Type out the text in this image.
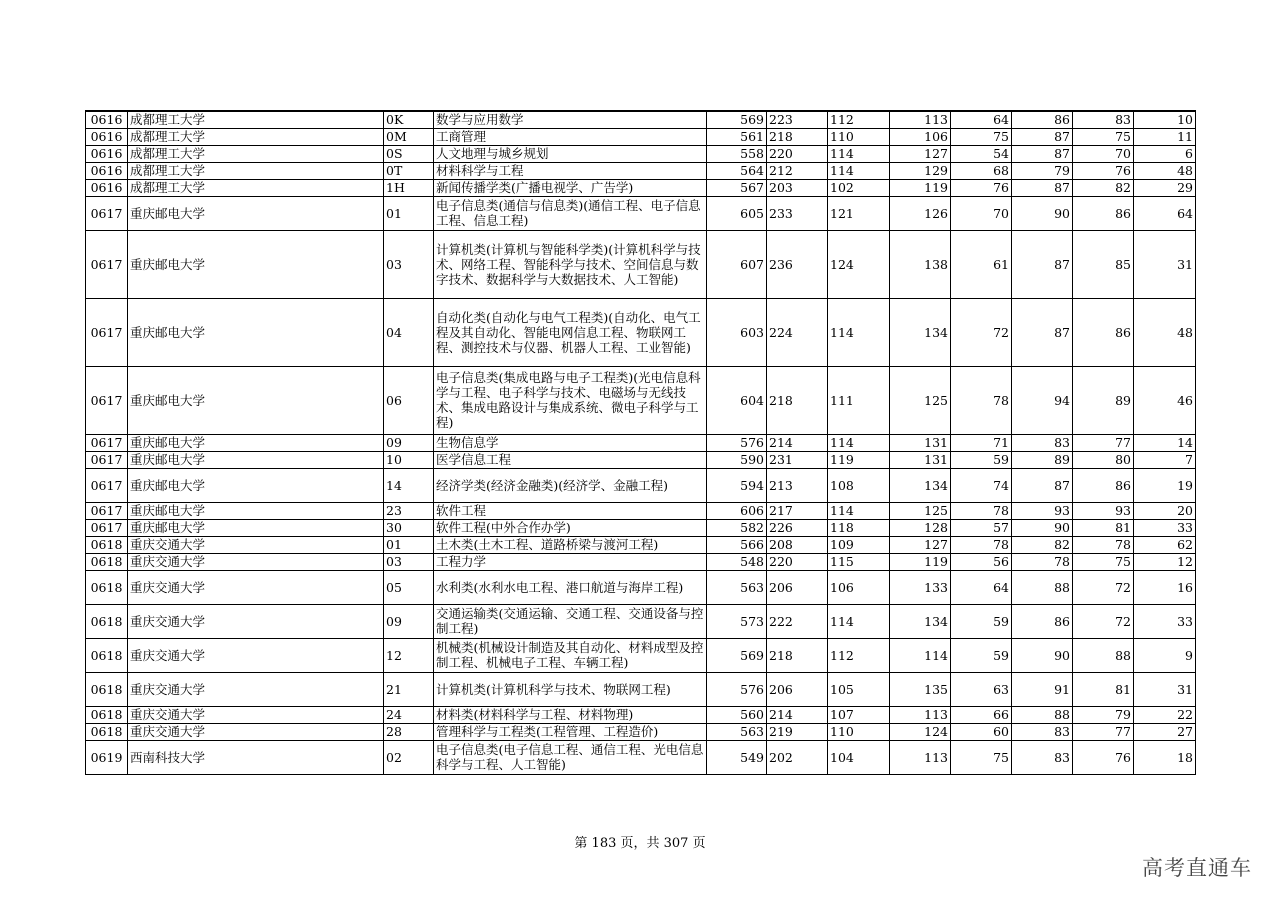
0616	成都理工大学	0K	数学与应用数学	569	223	112	113	64	86	83	10
0616	成都理工大学	0M	工商管理	561	218	110	106	75	87	75	11
0616	成都理工大学	0S	人文地理与城乡规划	558	220	114	127	54	87	70	6
0616	成都理工大学	0T	材料科学与工程	564	212	114	129	68	79	76	48
0616	成都理工大学	1H	新闻传播学类(广播电视学、广告学)	567	203	102	119	76	87	82	29
0617	重庆邮电大学	01	电子信息类(通信与信息类)(通信工程、电子信息工程、信息工程)	605	233	121	126	70	90	86	64
0617	重庆邮电大学	03	计算机类(计算机与智能科学类)(计算机科学与技术、网络工程、智能科学与技术、空间信息与数字技术、数据科学与大数据技术、人工智能)	607	236	124	138	61	87	85	31
0617	重庆邮电大学	04	自动化类(自动化与电气工程类)(自动化、电气工程及其自动化、智能电网信息工程、物联网工程、测控技术与仪器、机器人工程、工业智能)	603	224	114	134	72	87	86	48
0617	重庆邮电大学	06	电子信息类(集成电路与电子工程类)(光电信息科学与工程、电子科学与技术、电磁场与无线技术、集成电路设计与集成系统、微电子科学与工程)	604	218	111	125	78	94	89	46
0617	重庆邮电大学	09	生物信息学	576	214	114	131	71	83	77	14
0617	重庆邮电大学	10	医学信息工程	590	231	119	131	59	89	80	7
0617	重庆邮电大学	14	经济学类(经济金融类)(经济学、金融工程)	594	213	108	134	74	87	86	19
0617	重庆邮电大学	23	软件工程	606	217	114	125	78	93	93	20
0617	重庆邮电大学	30	软件工程(中外合作办学)	582	226	118	128	57	90	81	33
0618	重庆交通大学	01	土木类(土木工程、道路桥梁与渡河工程)	566	208	109	127	78	82	78	62
0618	重庆交通大学	03	工程力学	548	220	115	119	56	78	75	12
0618	重庆交通大学	05	水利类(水利水电工程、港口航道与海岸工程)	563	206	106	133	64	88	72	16
0618	重庆交通大学	09	交通运输类(交通运输、交通工程、交通设备与控制工程)	573	222	114	134	59	86	72	33
0618	重庆交通大学	12	机械类(机械设计制造及其自动化、材料成型及控制工程、机械电子工程、车辆工程)	569	218	112	114	59	90	88	9
0618	重庆交通大学	21	计算机类(计算机科学与技术、物联网工程)	576	206	105	135	63	91	81	31
0618	重庆交通大学	24	材料类(材料科学与工程、材料物理)	560	214	107	113	66	88	79	22
0618	重庆交通大学	28	管理科学与工程类(工程管理、工程造价)	563	219	110	124	60	83	77	27
0619	西南科技大学	02	电子信息类(电子信息工程、通信工程、光电信息科学与工程、人工智能)	549	202	104	113	75	83	76	18
第 183 页，共 307 页
高考直通车
